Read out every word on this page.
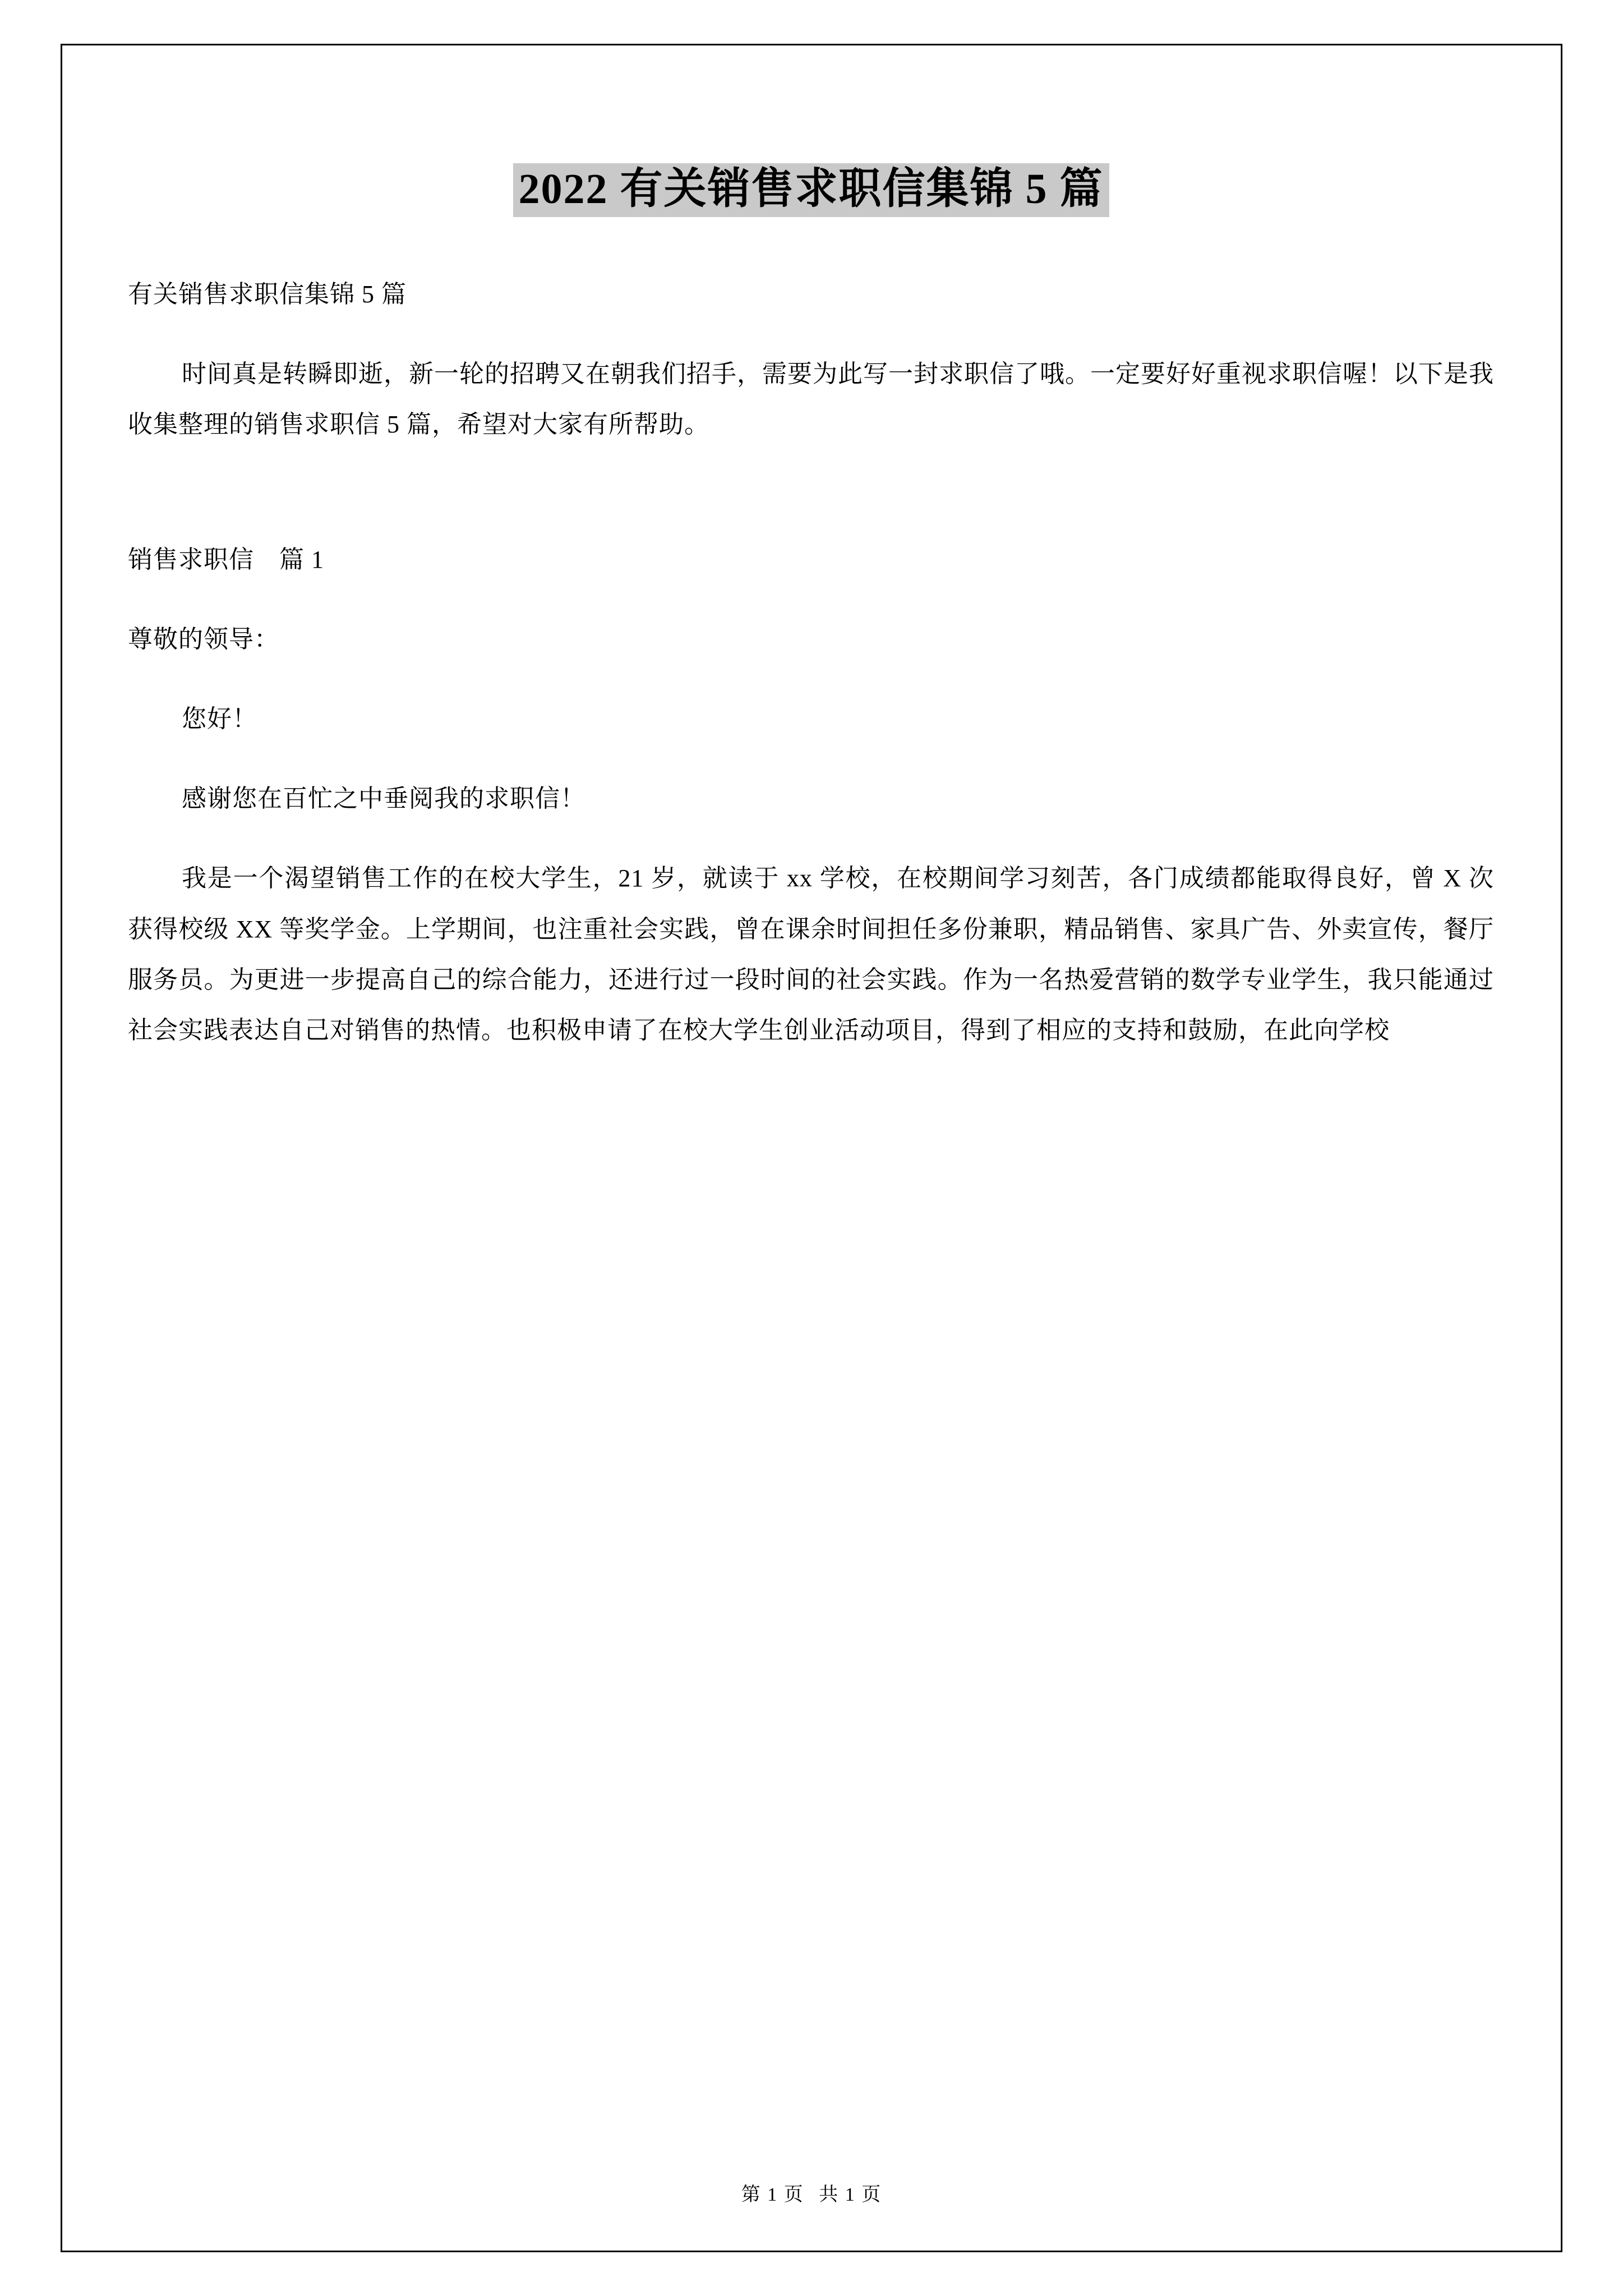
2022 有关销售求职信集锦 5 篇

有关销售求职信集锦 5 篇

时间真是转瞬即逝，新一轮的招聘又在朝我们招手，需要为此写一封求职信了哦。一定要好好重视求职信喔！以下是我收集整理的销售求职信 5 篇，希望对大家有所帮助。

销售求职信　篇 1

尊敬的领导：

您好！

感谢您在百忙之中垂阅我的求职信！

我是一个渴望销售工作的在校大学生，21 岁，就读于 xx 学校，在校期间学习刻苦，各门成绩都能取得良好，曾 X 次获得校级 XX 等奖学金。上学期间，也注重社会实践，曾在课余时间担任多份兼职，精品销售、家具广告、外卖宣传，餐厅服务员。为更进一步提高自己的综合能力，还进行过一段时间的社会实践。作为一名热爱营销的数学专业学生，我只能通过社会实践表达自己对销售的热情。也积极申请了在校大学生创业活动项目，得到了相应的支持和鼓励，在此向学校

第 1 页 共 1 页
